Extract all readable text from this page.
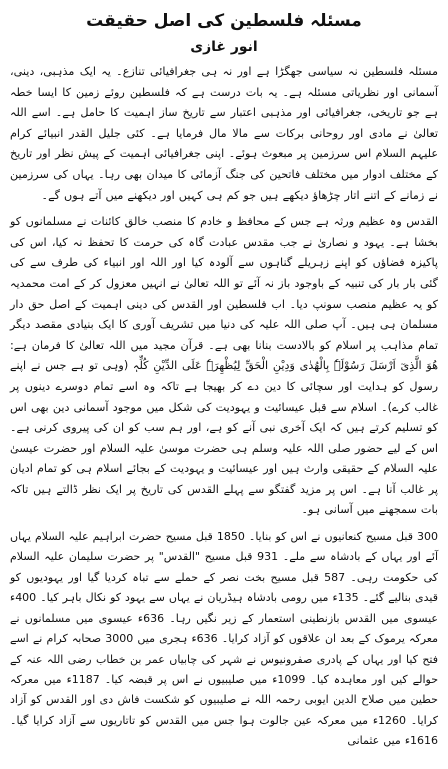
مسئلہ فلسطین کی اصل حقیقت
انور غازی

مسئلہ فلسطین نہ سیاسی جھگڑا ہے اور نہ ہی جغرافیائی تنازع۔ یہ ایک مذہبی، دینی، آسمانی اور نظریاتی مسئلہ ہے۔ یہ بات درست ہے کہ فلسطین روئے زمین کا ایسا خطہ ہے جو تاریخی، جغرافیائی اور مذہبی اعتبار سے تاریخ ساز اہمیت کا حامل ہے۔ اسے اللہ تعالیٰ نے مادی اور روحانی برکات سے مالا مال فرمایا ہے۔ کئی جلیل القدر انبیائے کرام علیہم السلام اس سرزمین پر مبعوث ہوئے۔ اپنی جغرافیائی اہمیت کے پیش نظر اور تاریخ کے مختلف ادوار میں مختلف فاتحین کی جنگ آزمائی کا میدان بھی رہا۔ یہاں کی سرزمین نے زمانے کے اتنے اتار چڑھاؤ دیکھے ہیں جو کم ہی کہیں اور دیکھنے میں آتے ہوں گے۔

القدس وہ عظیم ورثہ ہے جس کے محافظ و خادم کا منصب خالق کائنات نے مسلمانوں کو بخشا ہے۔ یہود و نصاریٰ نے جب مقدس عبادت گاہ کی حرمت کا تحفظ نہ کیا، اس کی پاکیزہ فضاؤں کو اپنے زہریلے گناہوں سے آلودہ کیا اور اللہ اور انبیاء کی طرف سے کی گئی بار بار کی تنبیہ کے باوجود باز نہ آئے تو اللہ تعالیٰ نے انہیں معزول کر کے امت محمدیہ کو یہ عظیم منصب سونپ دیا۔ اب فلسطین اور القدس کی دینی اہمیت کے اصل حق دار مسلمان ہی ہیں۔ آپ صلی اللہ علیہ کی دنیا میں تشریف آوری کا ایک بنیادی مقصد دیگر تمام مذاہب پر اسلام کو بالادست بنانا بھی ہے۔ قرآن مجید میں اللہ تعالیٰ کا فرمان ہے: ھُوَ الَّذِیٓ اَرْسَلَ رَسُوْلَہٗ بِالْھُدٰی وَدِیْنِ الْحَقِّ لِیُظْھِرَہٗ عَلَی الدِّیْنِ کُلِّہٖ (وہی تو ہے جس نے اپنے رسول کو ہدایت اور سچائی کا دین دے کر بھیجا ہے تاکہ وہ اسے تمام دوسرے دینوں پر غالب کرے)۔ اسلام سے قبل عیسائیت و یہودیت کی شکل میں موجود آسمانی دین بھی اس کو تسلیم کرتے ہیں کہ ایک آخری نبی آنے کو ہے، اور ہم سب کو ان کی پیروی کرنی ہے۔ اس کے لیے حضور صلی اللہ علیہ وسلم ہی حضرت موسیٰ علیہ السلام اور حضرت عیسیٰ علیہ السلام کے حقیقی وارث ہیں اور عیسائیت و یہودیت کے بجائے اسلام ہی کو تمام ادیان پر غالب آنا ہے۔ اس پر مزید گفتگو سے پہلے القدس کی تاریخ پر ایک نظر ڈالتے ہیں تاکہ بات سمجھنے میں آسانی ہو۔

300 قبل مسیح کنعانیوں نے اس کو بنایا۔ 1850 قبل مسیح حضرت ابراہیم علیہ السلام یہاں آئے اور یہاں کے بادشاہ سے ملے۔ 931 قبل مسیح "القدس" پر حضرت سلیمان علیہ السلام کی حکومت رہی۔ 587 قبل مسیح بخت نصر کے حملے سے تباہ کردیا گیا اور یہودیوں کو قیدی بنالیے گئے۔ 135ء میں رومی بادشاہ ہیڈریان نے یہاں سے یہود کو نکال باہر کیا۔ 400ء عیسوی میں القدس بازنطینی استعمار کے زیر نگیں رہا۔ 636ء عیسوی میں مسلمانوں نے معرکہ یرموک کے بعد ان علاقوں کو آزاد کرایا۔ 636ء ہجری میں 3000 صحابہ کرام نے اسے فتح کیا اور یہاں کے پادری صفرونیوس نے شہر کی چابیاں عمر بن خطاب رضی اللہ عنہ کے حوالے کیں اور معاہدہ کیا۔ 1099ء میں صلیبیوں نے اس پر قبضہ کیا۔ 1187ء میں معرکہ حطین میں صلاح الدین ایوبی رحمہ اللہ نے صلیبیوں کو شکست فاش دی اور القدس کو آزاد کرایا۔ 1260ء میں معرکہ عین جالوت ہوا جس میں القدس کو تاتاریوں سے آزاد کرایا گیا۔ 1616ء میں عثمانی
